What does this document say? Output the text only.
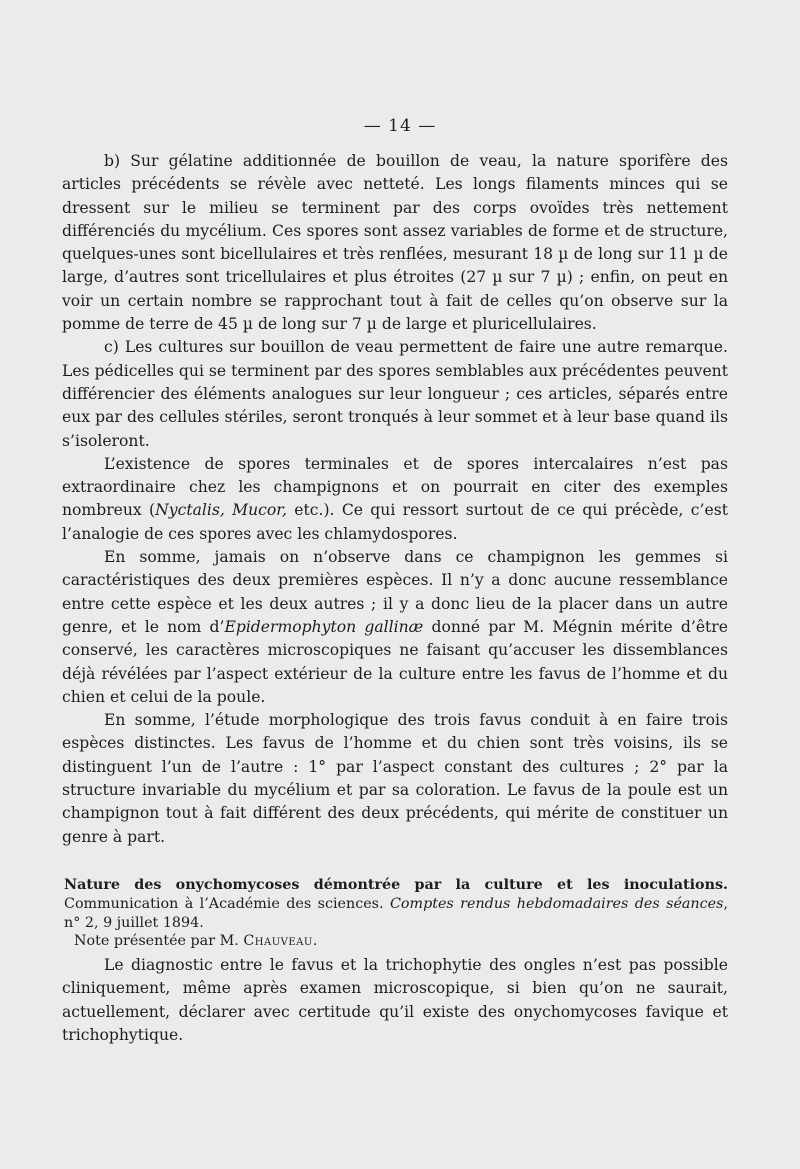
— 14 —

b) Sur gélatine additionnée de bouillon de veau, la nature sporifère des articles précédents se révèle avec netteté. Les longs filaments minces qui se dressent sur le milieu se terminent par des corps ovoïdes très nettement différenciés du mycélium. Ces spores sont assez variables de forme et de structure, quelques-unes sont bicellulaires et très renflées, mesurant 18 µ de long sur 11 µ de large, d’autres sont tricellulaires et plus étroites (27 µ sur 7 µ) ; enfin, on peut en voir un certain nombre se rapprochant tout à fait de celles qu’on observe sur la pomme de terre de 45 µ de long sur 7 µ de large et pluricellulaires.

c) Les cultures sur bouillon de veau permettent de faire une autre remarque. Les pédicelles qui se terminent par des spores semblables aux précédentes peuvent différencier des éléments analogues sur leur longueur ; ces articles, séparés entre eux par des cellules stériles, seront tronqués à leur sommet et à leur base quand ils s’isoleront.

L’existence de spores terminales et de spores intercalaires n’est pas extraordinaire chez les champignons et on pourrait en citer des exemples nombreux (Nyctalis, Mucor, etc.). Ce qui ressort surtout de ce qui précède, c’est l’analogie de ces spores avec les chlamydospores.

En somme, jamais on n’observe dans ce champignon les gemmes si caractéristiques des deux premières espèces. Il n’y a donc aucune ressemblance entre cette espèce et les deux autres ; il y a donc lieu de la placer dans un autre genre, et le nom d’Epidermophyton gallinæ donné par M. Mégnin mérite d’être conservé, les caractères microscopiques ne faisant qu’accuser les dissemblances déjà révélées par l’aspect extérieur de la culture entre les favus de l’homme et du chien et celui de la poule.

En somme, l’étude morphologique des trois favus conduit à en faire trois espèces distinctes. Les favus de l’homme et du chien sont très voisins, ils se distinguent l’un de l’autre : 1° par l’aspect constant des cultures ; 2° par la structure invariable du mycélium et par sa coloration. Le favus de la poule est un champignon tout à fait différent des deux précédents, qui mérite de constituer un genre à part.

Nature des onychomycoses démontrée par la culture et les inoculations. Communication à l’Académie des sciences. Comptes rendus hebdomadaires des séances, n° 2, 9 juillet 1894.
Note présentée par M. Chauveau.

Le diagnostic entre le favus et la trichophytie des ongles n’est pas possible cliniquement, même après examen microscopique, si bien qu’on ne saurait, actuellement, déclarer avec certitude qu’il existe des onychomycoses favique et trichophytique.
